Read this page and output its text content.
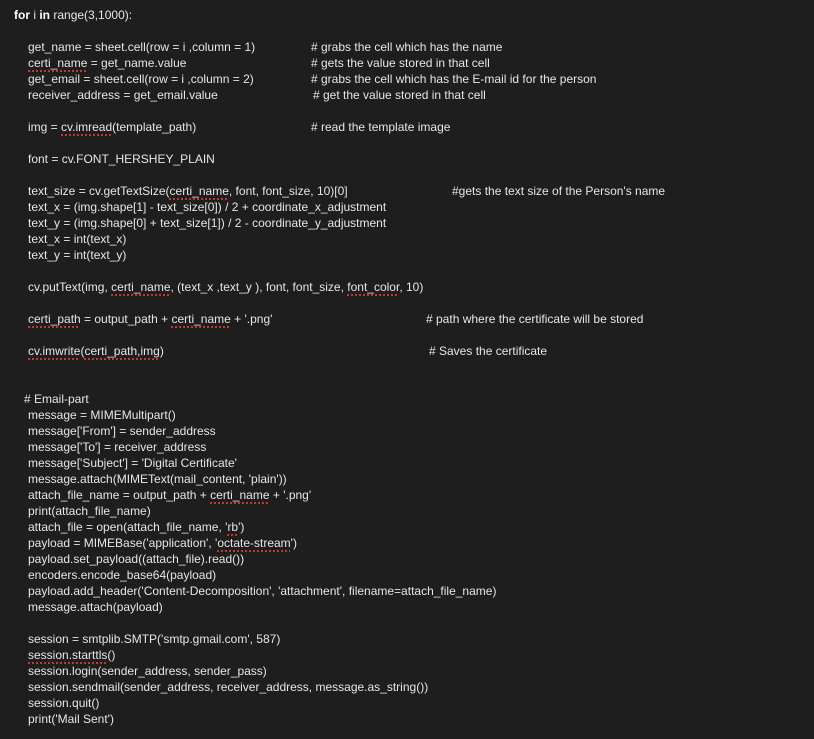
for i in range(3,1000):
get_name = sheet.cell(row = i ,column = 1)	# grabs the cell which has the name
certi_name = get_name.value	# gets the value stored in that cell
get_email = sheet.cell(row = i ,column = 2)	# grabs the cell which has the E-mail id for the person
receiver_address = get_email.value	# get the value stored in that cell
img = cv.imread(template_path)	# read the template image
font = cv.FONT_HERSHEY_PLAIN
text_size = cv.getTextSize(certi_name, font, font_size, 10)[0]	#gets the text size of the Person's name
text_x = (img.shape[1] - text_size[0]) / 2 + coordinate_x_adjustment
text_y = (img.shape[0] + text_size[1]) / 2 - coordinate_y_adjustment
text_x = int(text_x)
text_y = int(text_y)
cv.putText(img, certi_name, (text_x ,text_y ), font, font_size, font_color, 10)
certi_path = output_path + certi_name + '.png'	# path where the certificate will be stored
cv.imwrite(certi_path,img)	# Saves the certificate
# Email-part
message = MIMEMultipart()
message['From'] = sender_address
message['To'] = receiver_address
message['Subject'] = 'Digital Certificate'
message.attach(MIMEText(mail_content, 'plain'))
attach_file_name = output_path + certi_name + '.png'
print(attach_file_name)
attach_file = open(attach_file_name, 'rb')
payload = MIMEBase('application', 'octate-stream')
payload.set_payload((attach_file).read())
encoders.encode_base64(payload)
payload.add_header('Content-Decomposition', 'attachment', filename=attach_file_name)
message.attach(payload)
session = smtplib.SMTP('smtp.gmail.com', 587)
session.starttls()
session.login(sender_address, sender_pass)
session.sendmail(sender_address, receiver_address, message.as_string())
session.quit()
print('Mail Sent')
